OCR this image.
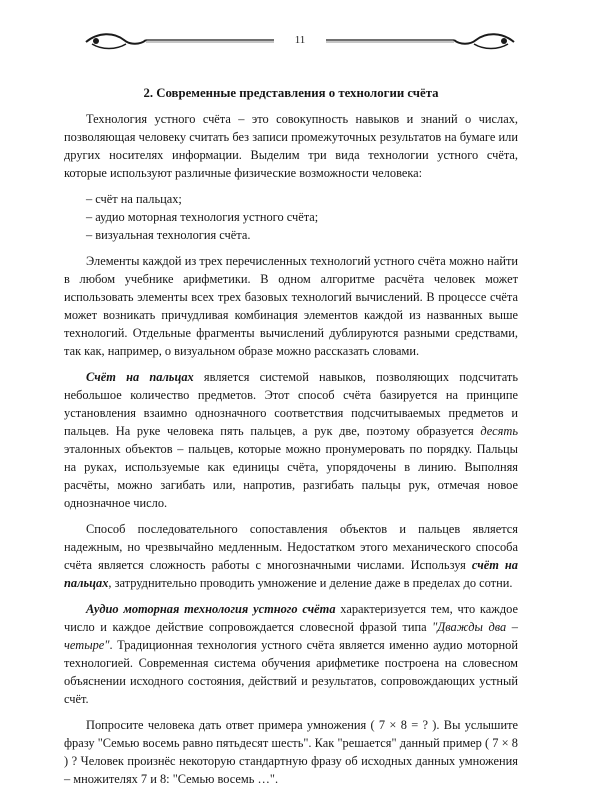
11
2. Современные представления о технологии счёта

Технология устного счёта – это совокупность навыков и знаний о числах, позволяющая человеку считать без записи промежуточных результатов на бумаге или других носителях информации. Выделим три вида технологии устного счёта, которые используют различные физические возможности человека:

– счёт на пальцах;
– аудио моторная технология устного счёта;
– визуальная технология счёта.

Элементы каждой из трех перечисленных технологий устного счёта можно найти в любом учебнике арифметики. В одном алгоритме расчёта человек может использовать элементы всех трех базовых технологий вычислений. В процессе счёта может возникать причудливая комбинация элементов каждой из названных выше технологий. Отдельные фрагменты вычислений дублируются разными средствами, так как, например, о визуальном образе можно рассказать словами.

Счёт на пальцах является системой навыков, позволяющих подсчитать небольшое количество предметов. Этот способ счёта базируется на принципе установления взаимно однозначного соответствия подсчитываемых предметов и пальцев. На руке человека пять пальцев, а рук две, поэтому образуется десять эталонных объектов – пальцев, которые можно пронумеровать по порядку. Пальцы на руках, используемые как единицы счёта, упорядочены в линию. Выполняя расчёты, можно загибать или, напротив, разгибать пальцы рук, отмечая новое однозначное число.

Способ последовательного сопоставления объектов и пальцев является надежным, но чрезвычайно медленным. Недостатком этого механического способа счёта является сложность работы с многозначными числами. Используя счёт на пальцах, затруднительно проводить умножение и деление даже в пределах до сотни.

Аудио моторная технология устного счёта характеризуется тем, что каждое число и каждое действие сопровождается словесной фразой типа "Дважды два – четыре". Традиционная технология устного счёта является именно аудио моторной технологией. Современная система обучения арифметике построена на словесном объяснении исходного состояния, действий и результатов, сопровождающих устный счёт.

Попросите человека дать ответ примера умножения ( 7 × 8 = ? ). Вы услышите фразу "Семью восемь равно пятьдесят шесть". Как "решается" данный пример ( 7 × 8 ) ? Человек произнёс некоторую стандартную фразу об исходных данных умножения – множителях 7 и 8: "Семью восемь …".
